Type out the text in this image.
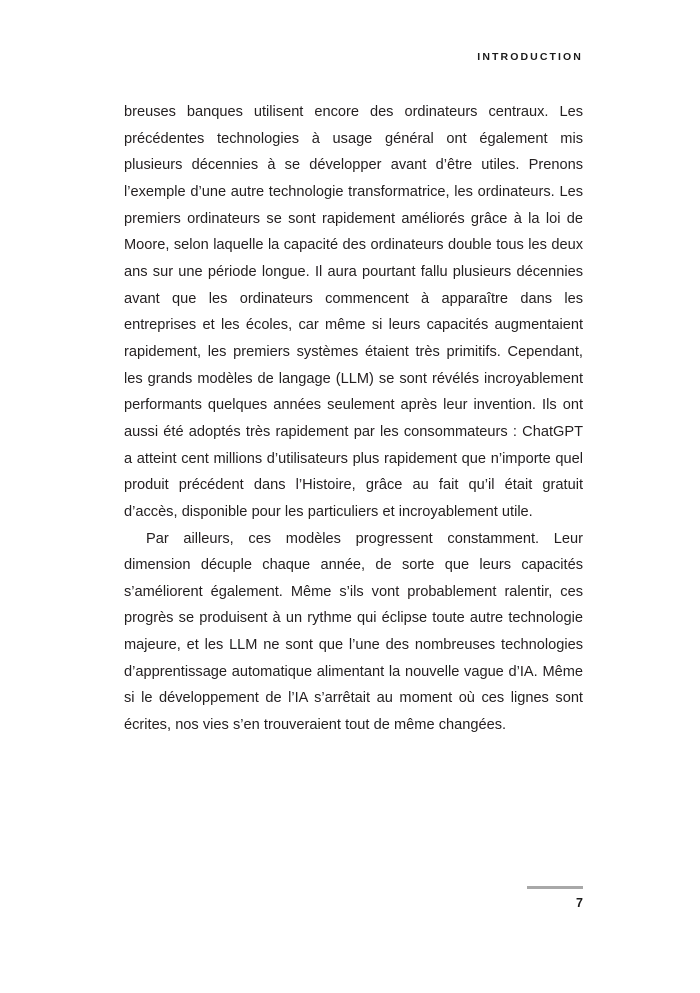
INTRODUCTION

breuses banques utilisent encore des ordinateurs centraux. Les précédentes technologies à usage général ont également mis plusieurs décennies à se développer avant d’être utiles. Prenons l’exemple d’une autre technologie transformatrice, les ordinateurs. Les premiers ordinateurs se sont rapidement améliorés grâce à la loi de Moore, selon laquelle la capacité des ordinateurs double tous les deux ans sur une période longue. Il aura pourtant fallu plusieurs décennies avant que les ordinateurs commencent à apparaître dans les entreprises et les écoles, car même si leurs capacités augmentaient rapidement, les premiers systèmes étaient très primitifs. Cependant, les grands modèles de langage (LLM) se sont révélés incroyablement performants quelques années seulement après leur invention. Ils ont aussi été adoptés très rapidement par les consommateurs : ChatGPT a atteint cent millions d’utilisateurs plus rapidement que n’importe quel produit précédent dans l’Histoire, grâce au fait qu’il était gratuit d’accès, disponible pour les particuliers et incroyablement utile.

Par ailleurs, ces modèles progressent constamment. Leur dimension décuple chaque année, de sorte que leurs capacités s’améliorent également. Même s’ils vont probablement ralentir, ces progrès se produisent à un rythme qui éclipse toute autre technologie majeure, et les LLM ne sont que l’une des nombreuses technologies d’apprentissage automatique alimentant la nouvelle vague d’IA. Même si le développement de l’IA s’arrêtait au moment où ces lignes sont écrites, nos vies s’en trouveraient tout de même changées.

7
